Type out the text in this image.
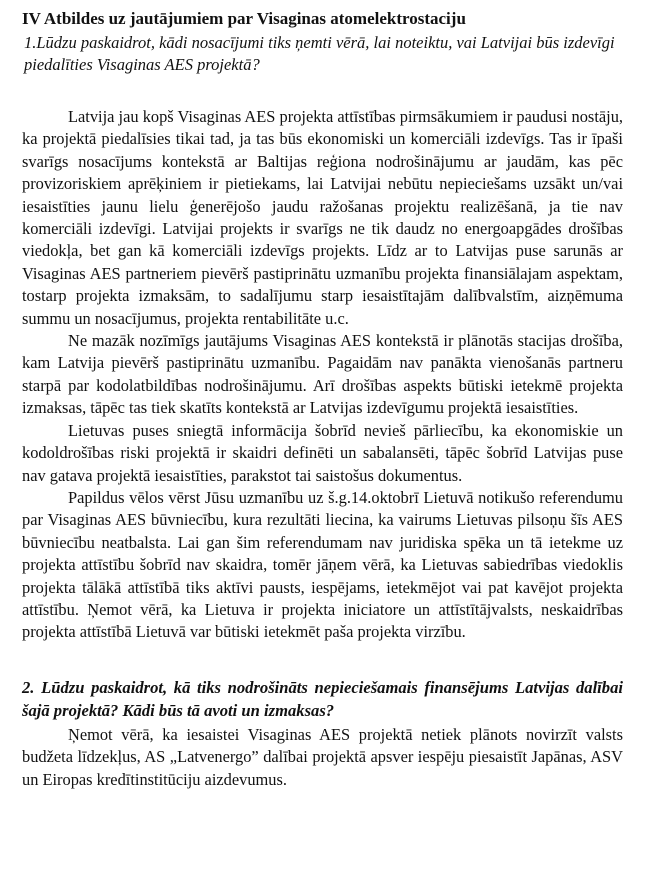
IV Atbildes uz jautājumiem par Visaginas atomelektrostaciju
1.Lūdzu paskaidrot, kādi nosacījumi tiks ņemti vērā, lai noteiktu, vai Latvijai būs izdevīgi piedalīties Visaginas AES projektā?

Latvija jau kopš Visaginas AES projekta attīstības pirmsākumiem ir paudusi nostāju, ka projektā piedalīsies tikai tad, ja tas būs ekonomiski un komerciāli izdevīgs. Tas ir īpaši svarīgs nosacījums kontekstā ar Baltijas reģiona nodrošinājumu ar jaudām, kas pēc provizoriskiem aprēķiniem ir pietiekams, lai Latvijai nebūtu nepieciešams uzsākt un/vai iesaistīties jaunu lielu ģenerējošo jaudu ražošanas projektu realizēšanā, ja tie nav komerciāli izdevīgi. Latvijai projekts ir svarīgs ne tik daudz no energoapgādes drošības viedokļa, bet gan kā komerciāli izdevīgs projekts. Līdz ar to Latvijas puse sarunās ar Visaginas AES partneriem pievērš pastiprinātu uzmanību projekta finansiālajam aspektam, tostarp projekta izmaksām, to sadalījumu starp iesaistītajām dalībvalstīm, aizņēmuma summu un nosacījumus, projekta rentabilitāte u.c.

Ne mazāk nozīmīgs jautājums Visaginas AES kontekstā ir plānotās stacijas drošība, kam Latvija pievērš pastiprinātu uzmanību. Pagaidām nav panākta vienošanās partneru starpā par kodolatbildības nodrošinājumu. Arī drošības aspekts būtiski ietekmē projekta izmaksas, tāpēc tas tiek skatīts kontekstā ar Latvijas izdevīgumu projektā iesaistīties.

Lietuvas puses sniegtā informācija šobrīd nevieš pārliecību, ka ekonomiskie un kodoldrošības riski projektā ir skaidri definēti un sabalansēti, tāpēc šobrīd Latvijas puse nav gatava projektā iesaistīties, parakstot tai saistošus dokumentus.

Papildus vēlos vērst Jūsu uzmanību uz š.g.14.oktobrī Lietuvā notikušo referendumu par Visaginas AES būvniecību, kura rezultāti liecina, ka vairums Lietuvas pilsoņu šīs AES būvniecību neatbalsta. Lai gan šim referendumam nav juridiska spēka un tā ietekme uz projekta attīstību šobrīd nav skaidra, tomēr jāņem vērā, ka Lietuvas sabiedrības viedoklis projekta tālākā attīstībā tiks aktīvi pausts, iespējams, ietekmējot vai pat kavējot projekta attīstību. Ņemot vērā, ka Lietuva ir projekta iniciatore un attīstītājvalsts, neskaidrības projekta attīstībā Lietuvā var būtiski ietekmēt paša projekta virzību.

2. Lūdzu paskaidrot, kā tiks nodrošināts nepieciešamais finansējums Latvijas dalībai šajā projektā? Kādi būs tā avoti un izmaksas?

Ņemot vērā, ka iesaistei Visaginas AES projektā netiek plānots novirzīt valsts budžeta līdzekļus, AS „Latvenergo” dalībai projektā apsver iespēju piesaistīt Japānas, ASV un Eiropas kredītinstitūciju aizdevumus.
